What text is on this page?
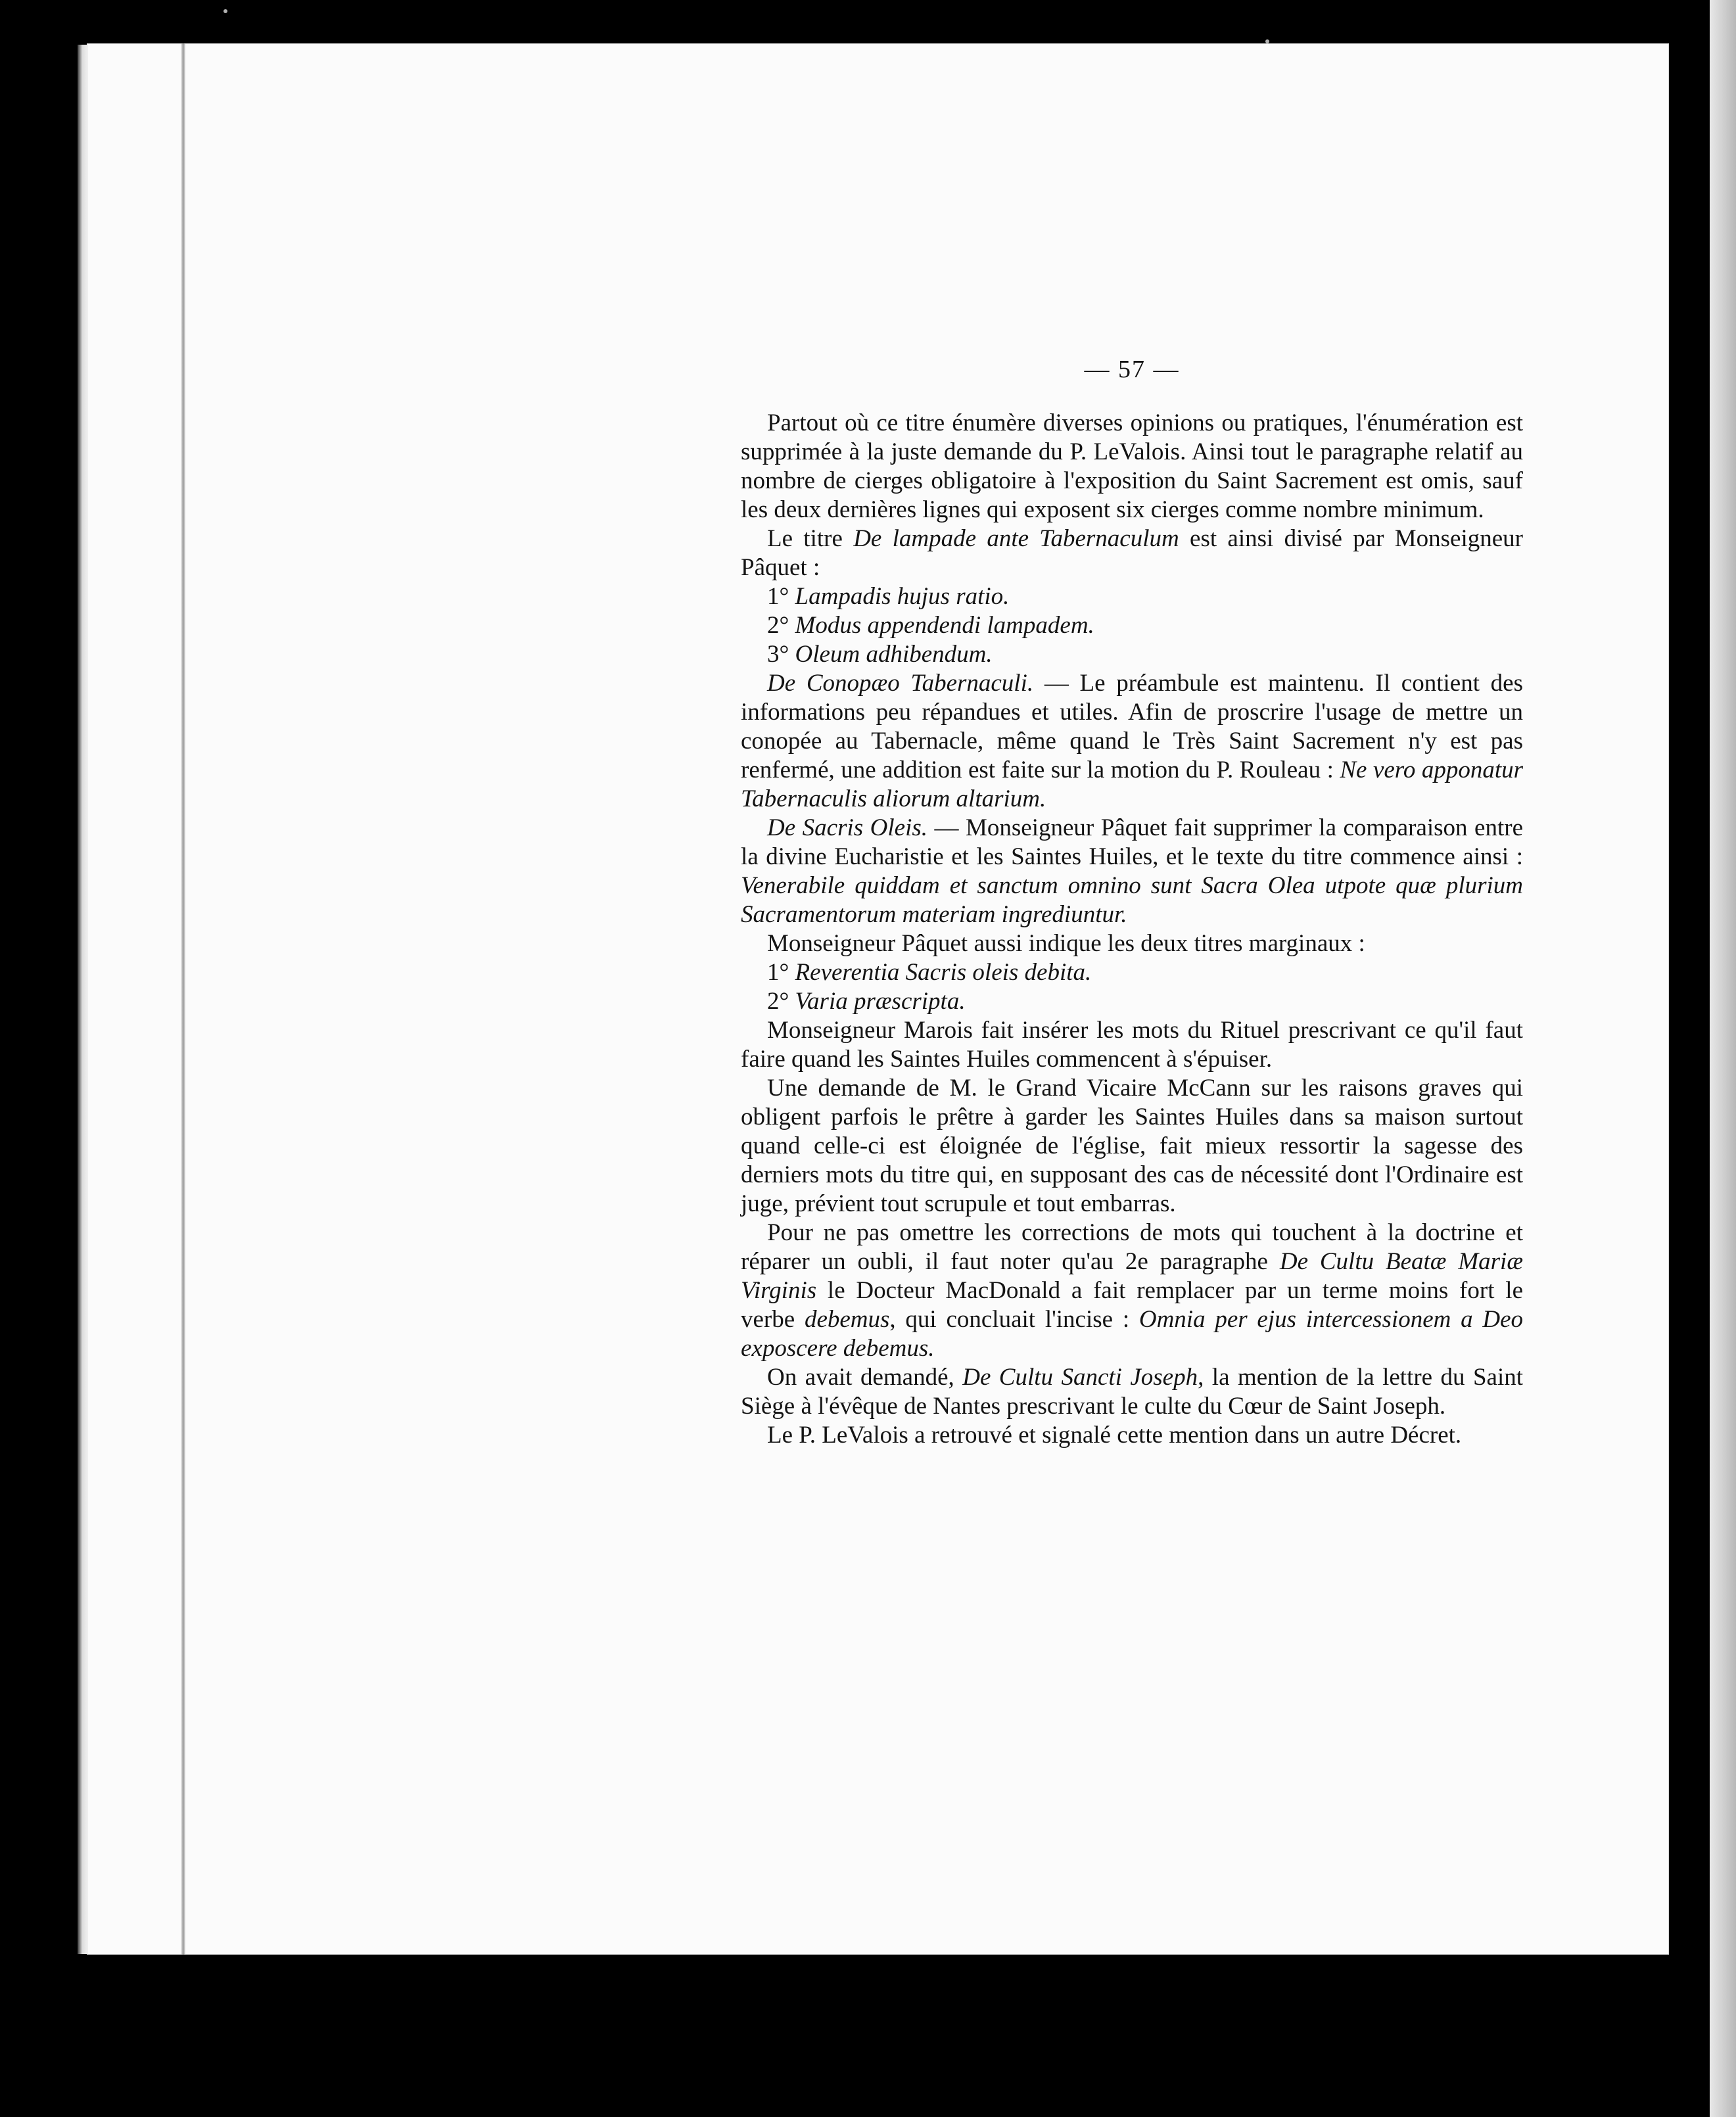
— 57 —

Partout où ce titre énumère diverses opinions ou pratiques, l'énumération est supprimée à la juste demande du P. LeValois. Ainsi tout le paragraphe relatif au nombre de cierges obligatoire à l'exposition du Saint Sacrement est omis, sauf les deux dernières lignes qui exposent six cierges comme nombre minimum.

Le titre De lampade ante Tabernaculum est ainsi divisé par Monseigneur Pâquet :

1° Lampadis hujus ratio.
2° Modus appendendi lampadem.
3° Oleum adhibendum.

De Conopæo Tabernaculi. — Le préambule est maintenu. Il contient des informations peu répandues et utiles. Afin de proscrire l'usage de mettre un conopée au Tabernacle, même quand le Très Saint Sacrement n'y est pas renfermé, une addition est faite sur la motion du P. Rouleau : Ne vero apponatur Tabernaculis aliorum altarium.

De Sacris Oleis. — Monseigneur Pâquet fait supprimer la comparaison entre la divine Eucharistie et les Saintes Huiles, et le texte du titre commence ainsi : Venerabile quiddam et sanctum omnino sunt Sacra Olea utpote quæ plurium Sacramentorum materiam ingrediuntur.

Monseigneur Pâquet aussi indique les deux titres marginaux :

1° Reverentia Sacris oleis debita.
2° Varia præscripta.

Monseigneur Marois fait insérer les mots du Rituel prescrivant ce qu'il faut faire quand les Saintes Huiles commencent à s'épuiser.

Une demande de M. le Grand Vicaire McCann sur les raisons graves qui obligent parfois le prêtre à garder les Saintes Huiles dans sa maison surtout quand celle-ci est éloignée de l'église, fait mieux ressortir la sagesse des derniers mots du titre qui, en supposant des cas de nécessité dont l'Ordinaire est juge, prévient tout scrupule et tout embarras.

Pour ne pas omettre les corrections de mots qui touchent à la doctrine et réparer un oubli, il faut noter qu'au 2e paragraphe De Cultu Beatæ Mariæ Virginis le Docteur MacDonald a fait remplacer par un terme moins fort le verbe debemus, qui concluait l'incise : Omnia per ejus intercessionem a Deo exposcere debemus.

On avait demandé, De Cultu Sancti Joseph, la mention de la lettre du Saint Siège à l'évêque de Nantes prescrivant le culte du Cœur de Saint Joseph.

Le P. LeValois a retrouvé et signalé cette mention dans un autre Décret.
